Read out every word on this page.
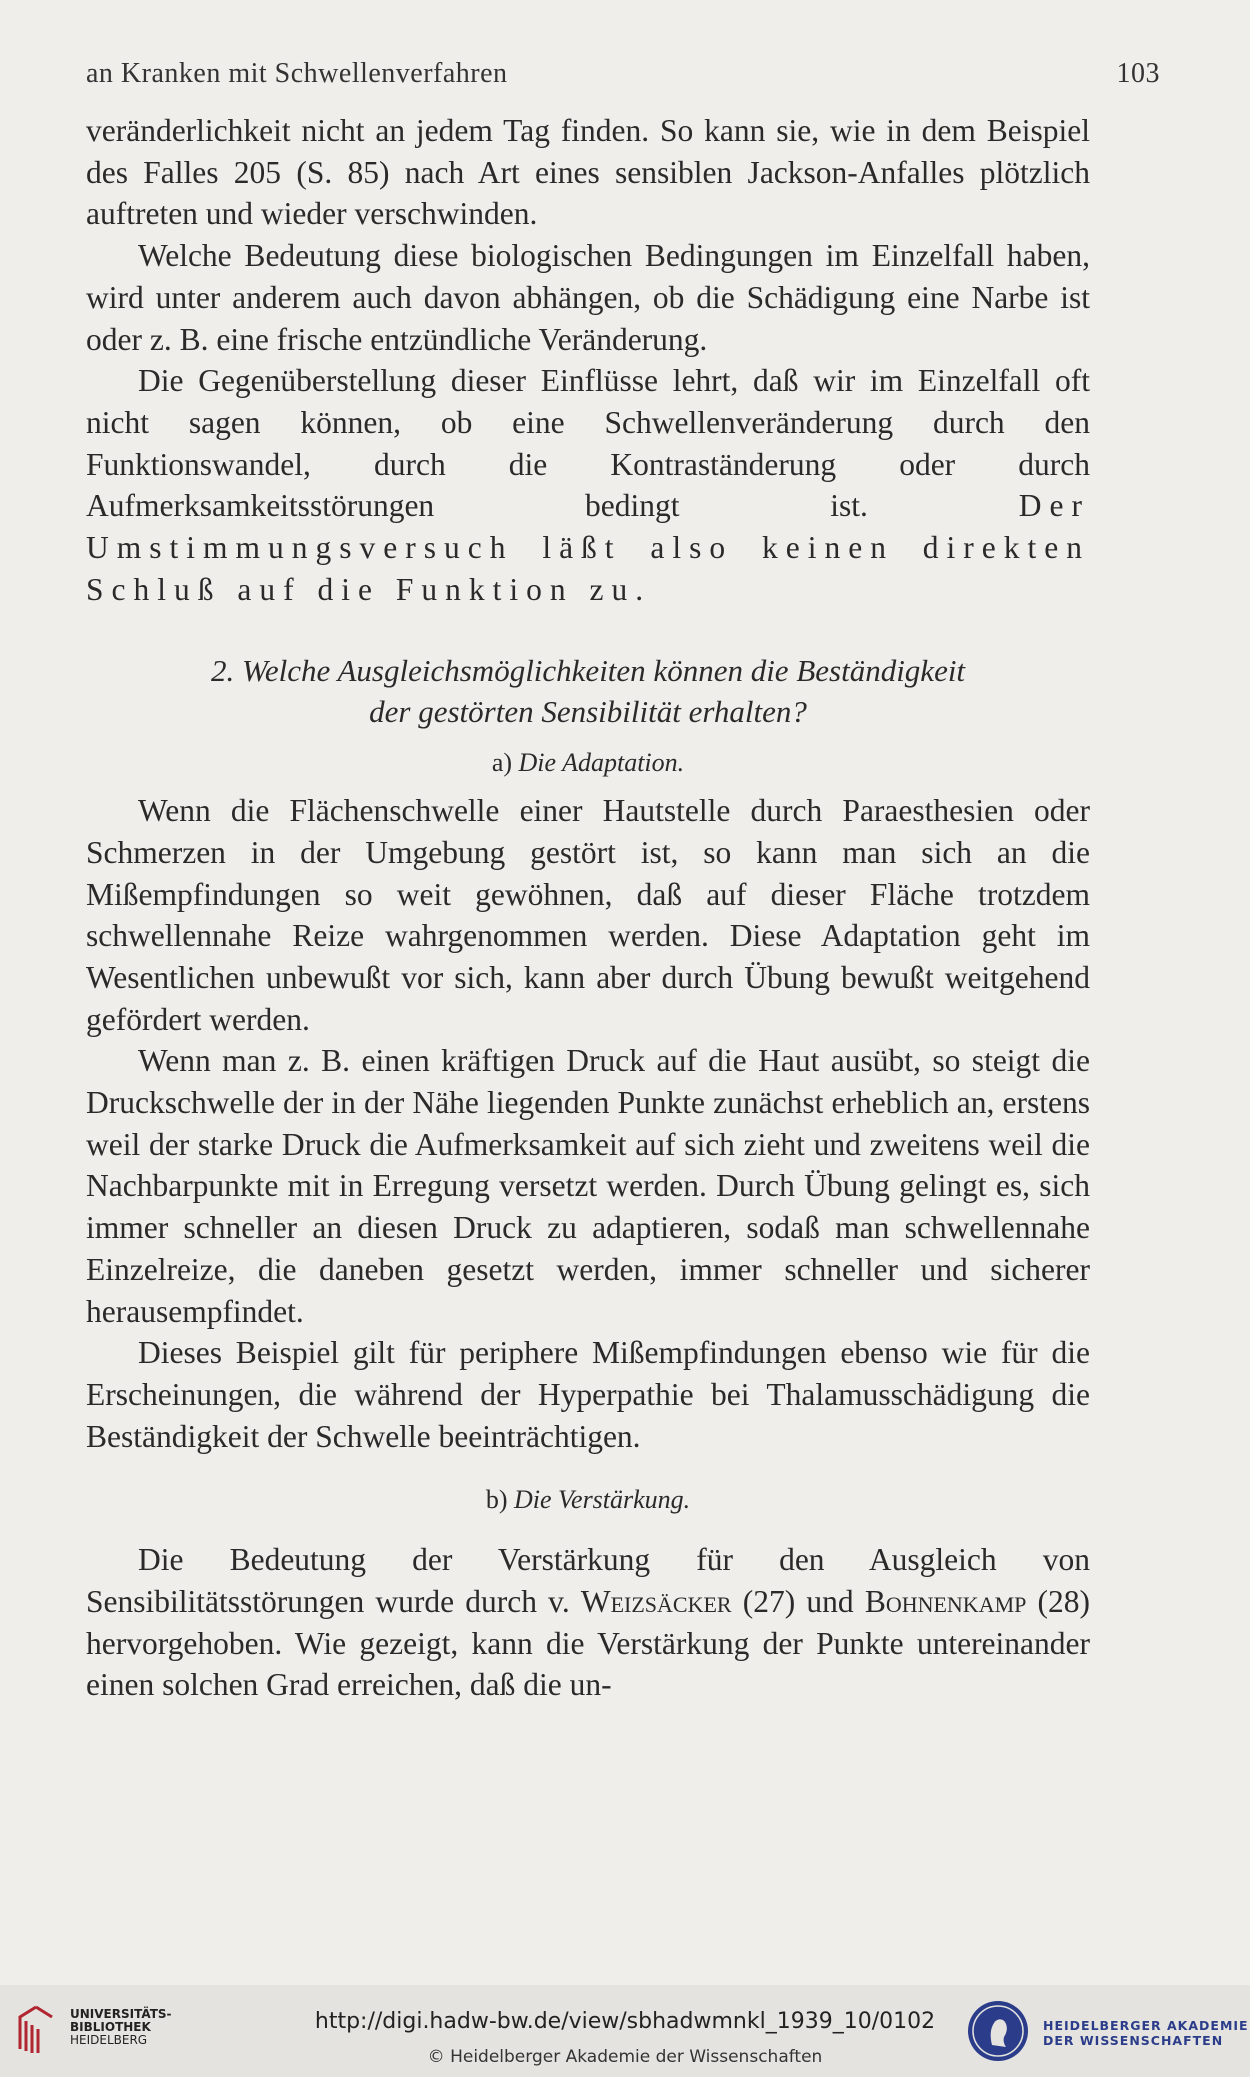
an Kranken mit Schwellenverfahren	103

veränderlichkeit nicht an jedem Tag finden. So kann sie, wie in dem Beispiel des Falles 205 (S. 85) nach Art eines sensiblen Jackson-Anfalles plötzlich auftreten und wieder verschwinden.

Welche Bedeutung diese biologischen Bedingungen im Einzelfall haben, wird unter anderem auch davon abhängen, ob die Schädigung eine Narbe ist oder z. B. eine frische entzündliche Veränderung.

Die Gegenüberstellung dieser Einflüsse lehrt, daß wir im Einzelfall oft nicht sagen können, ob eine Schwellenveränderung durch den Funktionswandel, durch die Kontraständerung oder durch Aufmerksamkeitsstörungen bedingt ist.	Der Umstimmungsversuch läßt also keinen direkten Schluß auf die Funktion zu.

2. Welche Ausgleichsmöglichkeiten können die Beständigkeit
der gestörten Sensibilität erhalten?
a) Die Adaptation.

Wenn die Flächenschwelle einer Hautstelle durch Paraesthesien oder Schmerzen in der Umgebung gestört ist, so kann man sich an die Mißempfindungen so weit gewöhnen, daß auf dieser Fläche trotzdem schwellennahe Reize wahrgenommen werden. Diese Adaptation geht im Wesentlichen unbewußt vor sich, kann aber durch Übung bewußt weitgehend gefördert werden.

Wenn man z. B. einen kräftigen Druck auf die Haut ausübt, so steigt die Druckschwelle der in der Nähe liegenden Punkte zunächst erheblich an, erstens weil der starke Druck die Aufmerksamkeit auf sich zieht und zweitens weil die Nachbarpunkte mit in Erregung versetzt werden. Durch Übung gelingt es, sich immer schneller an diesen Druck zu adaptieren, sodaß man schwellennahe Einzelreize, die daneben gesetzt werden, immer schneller und sicherer herausempfindet.

Dieses Beispiel gilt für periphere Mißempfindungen ebenso wie für die Erscheinungen, die während der Hyperpathie bei Thalamusschädigung die Beständigkeit der Schwelle beeinträchtigen.

b) Die Verstärkung.

Die Bedeutung der Verstärkung für den Ausgleich von Sensibilitätsstörungen wurde durch v. Weizsäcker (27) und Bohnenkamp (28) hervorgehoben. Wie gezeigt, kann die Verstärkung der Punkte untereinander einen solchen Grad erreichen, daß die un-

UNIVERSITÄTS-
BIBLIOTHEK
HEIDELBERG
http://digi.hadw-bw.de/view/sbhadwmnkl_1939_10/0102
© Heidelberger Akademie der Wissenschaften
HEIDELBERGER AKADEMIE
DER WISSENSCHAFTEN
